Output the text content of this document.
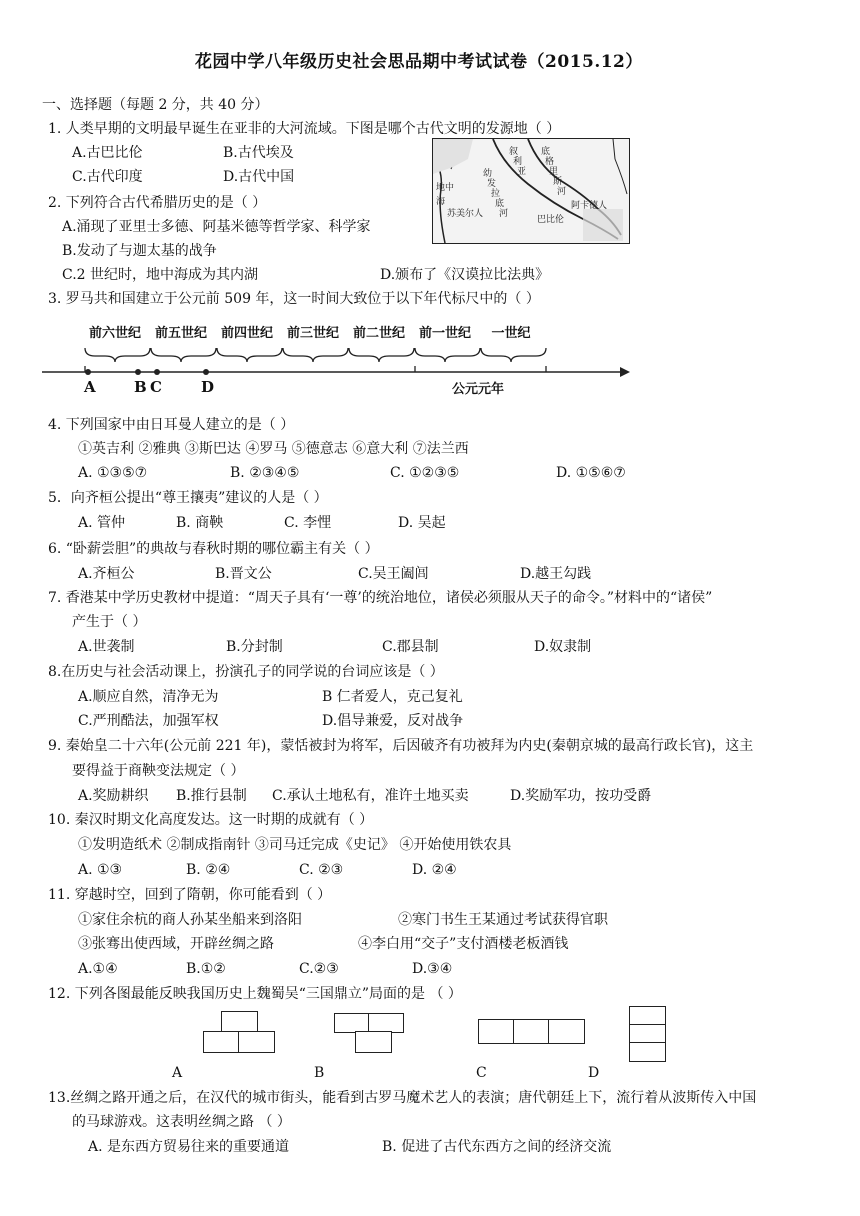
花园中学八年级历史社会思品期中考试试卷（2015.12）
一、选择题（每题 2 分，共 40 分）
1. 人类早期的文明最早诞生在亚非的大河流域。下图是哪个古代文明的发源地（ ）
A.古巴比伦	B.古代埃及
C.古代印度	D.古代中国
叙
利
亚
幼
发
拉
底
河
底
格
里
斯
河
阿卡德人
苏美尔人
巴比伦
海
地中
2. 下列符合古代希腊历史的是（ ）
A.涌现了亚里士多德、阿基米德等哲学家、科学家
B.发动了与迦太基的战争
C.2 世纪时，地中海成为其内湖	D.颁布了《汉谟拉比法典》
3. 罗马共和国建立于公元前 509 年，这一时间大致位于以下年代标尺中的（ ）
前六世纪	前五世纪	前四世纪	前三世纪	前二世纪	前一世纪	一世纪
A	B C	D	公元元年
4. 下列国家中由日耳曼人建立的是（ ）
①英吉利 ②雅典 ③斯巴达 ④罗马 ⑤德意志 ⑥意大利 ⑦法兰西
A. ①③⑤⑦	B. ②③④⑤	C. ①②③⑤	D. ①⑤⑥⑦
5．向齐桓公提出“尊王攘夷”建议的人是（ ）
A. 管仲	B. 商鞅	C. 李悝	D. 吴起
6. “卧薪尝胆”的典故与春秋时期的哪位霸主有关（ ）
A.齐桓公	B.晋文公	C.吴王阖闾	D.越王勾践
7. 香港某中学历史教材中提道：“周天子具有‘一尊’的统治地位，诸侯必须服从天子的命令。”材料中的“诸侯”
产生于（ ）
A.世袭制	B.分封制	C.郡县制	D.奴隶制
8.在历史与社会活动课上，扮演孔子的同学说的台词应该是（ ）
A.顺应自然，清净无为	B 仁者爱人，克己复礼
C.严刑酷法，加强军权	D.倡导兼爱，反对战争
9. 秦始皇二十六年(公元前 221 年)，蒙恬被封为将军，后因破齐有功被拜为内史(秦朝京城的最高行政长官)，这主
要得益于商鞅变法规定（ ）
A.奖励耕织 B.推行县制 C.承认土地私有，准许土地买卖	D.奖励军功，按功受爵
10. 秦汉时期文化高度发达。这一时期的成就有（ ）
①发明造纸术 ②制成指南针 ③司马迁完成《史记》 ④开始使用铁农具
A. ①③	B. ②④	C. ②③	D. ②④
11. 穿越时空，回到了隋朝，你可能看到（ ）
①家住余杭的商人孙某坐船来到洛阳	②寒门书生王某通过考试获得官职
③张骞出使西域，开辟丝绸之路	④李白用“交子”支付酒楼老板酒钱
A.①④	B.①②	C.②③	D.③④
12. 下列各图最能反映我国历史上魏蜀吴“三国鼎立”局面的是 （ ）
A	B	C	D
13.丝绸之路开通之后，在汉代的城市街头，能看到古罗马魔术艺人的表演；唐代朝廷上下，流行着从波斯传入中国
的马球游戏。这表明丝绸之路 （ ）
A. 是东西方贸易往来的重要通道	B. 促进了古代东西方之间的经济交流
